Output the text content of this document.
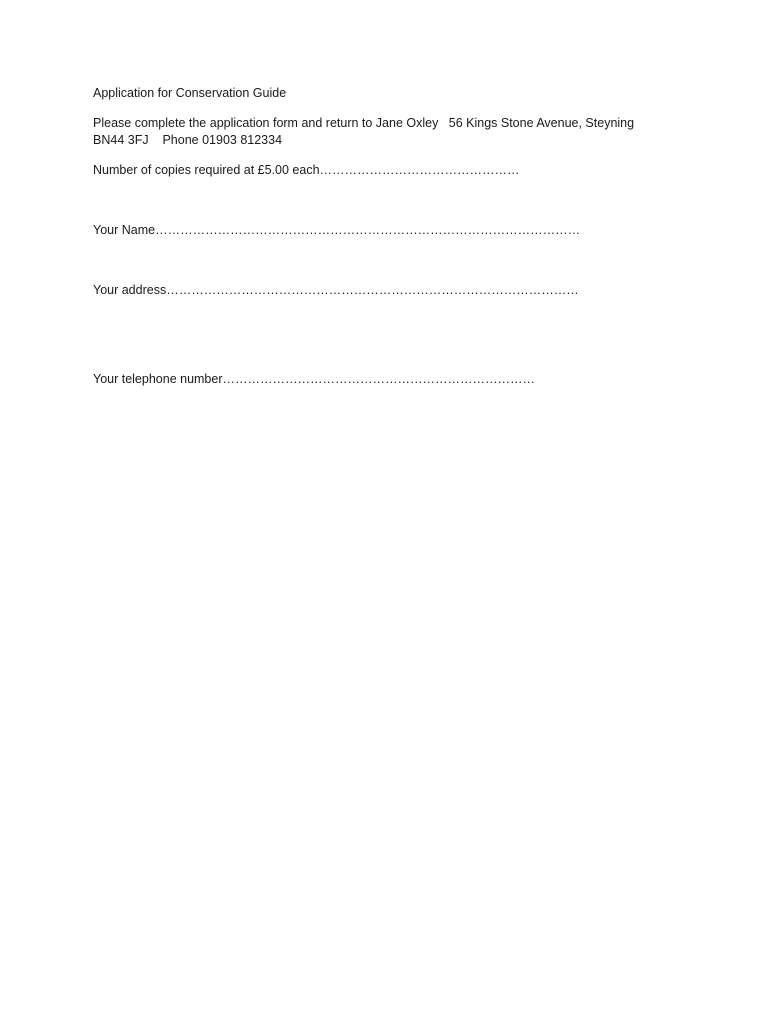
Application for Conservation Guide
Please complete the application form and return to Jane Oxley   56 Kings Stone Avenue, Steyning
BN44 3FJ    Phone 01903 812334
Number of copies required at £5.00 each…………………………………………
Your Name…………………………………………………………………………………………
Your address………………………………………………………………………………………
Your telephone number…………………………………………………………………
